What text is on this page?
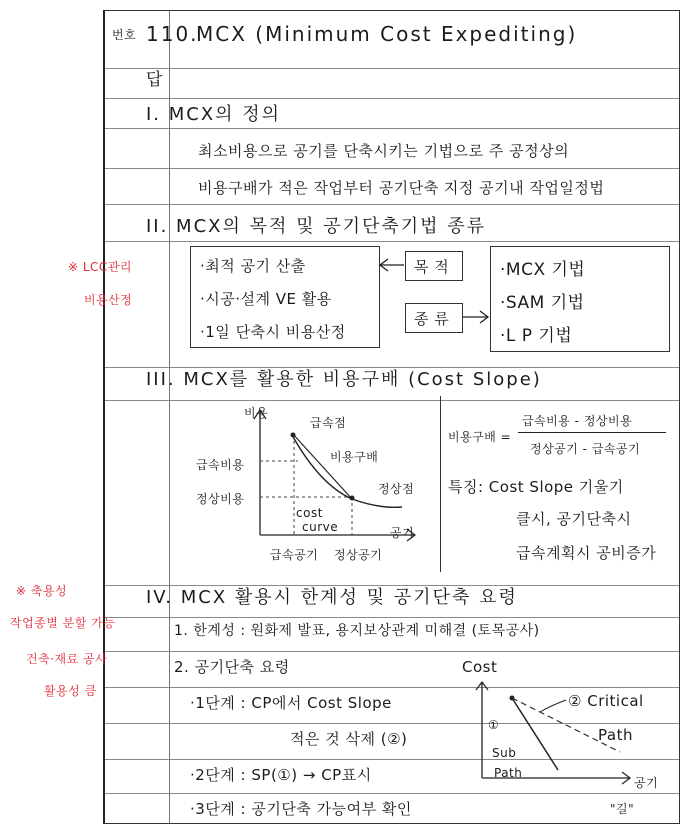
번호 110.
MCX (Minimum Cost Expediting)
답
I. MCX의 정의
최소비용으로 공기를 단축시키는 기법으로 주 공정상의
비용구배가 적은 작업부터 공기단축 지정 공기내 작업일정법
II. MCX의 목적 및 공기단축기법 종류
※ LCC관리
비용산정
·최적 공기 산출
·시공·설계 VE 활용
·1일 단축시 비용산정
목 적
종 류
·MCX 기법
·SAM 기법
·L P 기법
III. MCX를 활용한 비용구배 (Cost Slope)
비용
급속비용
정상비용
급속점
비용구배
정상점
cost
curve	공기
급속공기 정상공기
비용구배 =
급속비용 - 정상비용
정상공기 - 급속공기
특징: Cost Slope 기울기
클시, 공기단축시
급속계획시 공비증가
IV. MCX 활용시 한계성 및 공기단축 요령
※ 축용성
작업종별 분할 가능
건축·재료 공사
활용성 큼
1. 한계성 : 원화제 발표, 용지보상관계 미해결 (토목공사)
2. 공기단축 요령
·1단계 : CP에서 Cost Slope
적은 것 삭제 (②)
·2단계 : SP(①) → CP표시
·3단계 : 공기단축 가능여부 확인
Cost
② Critical
Path
①
Sub
Path
공기
"길"
